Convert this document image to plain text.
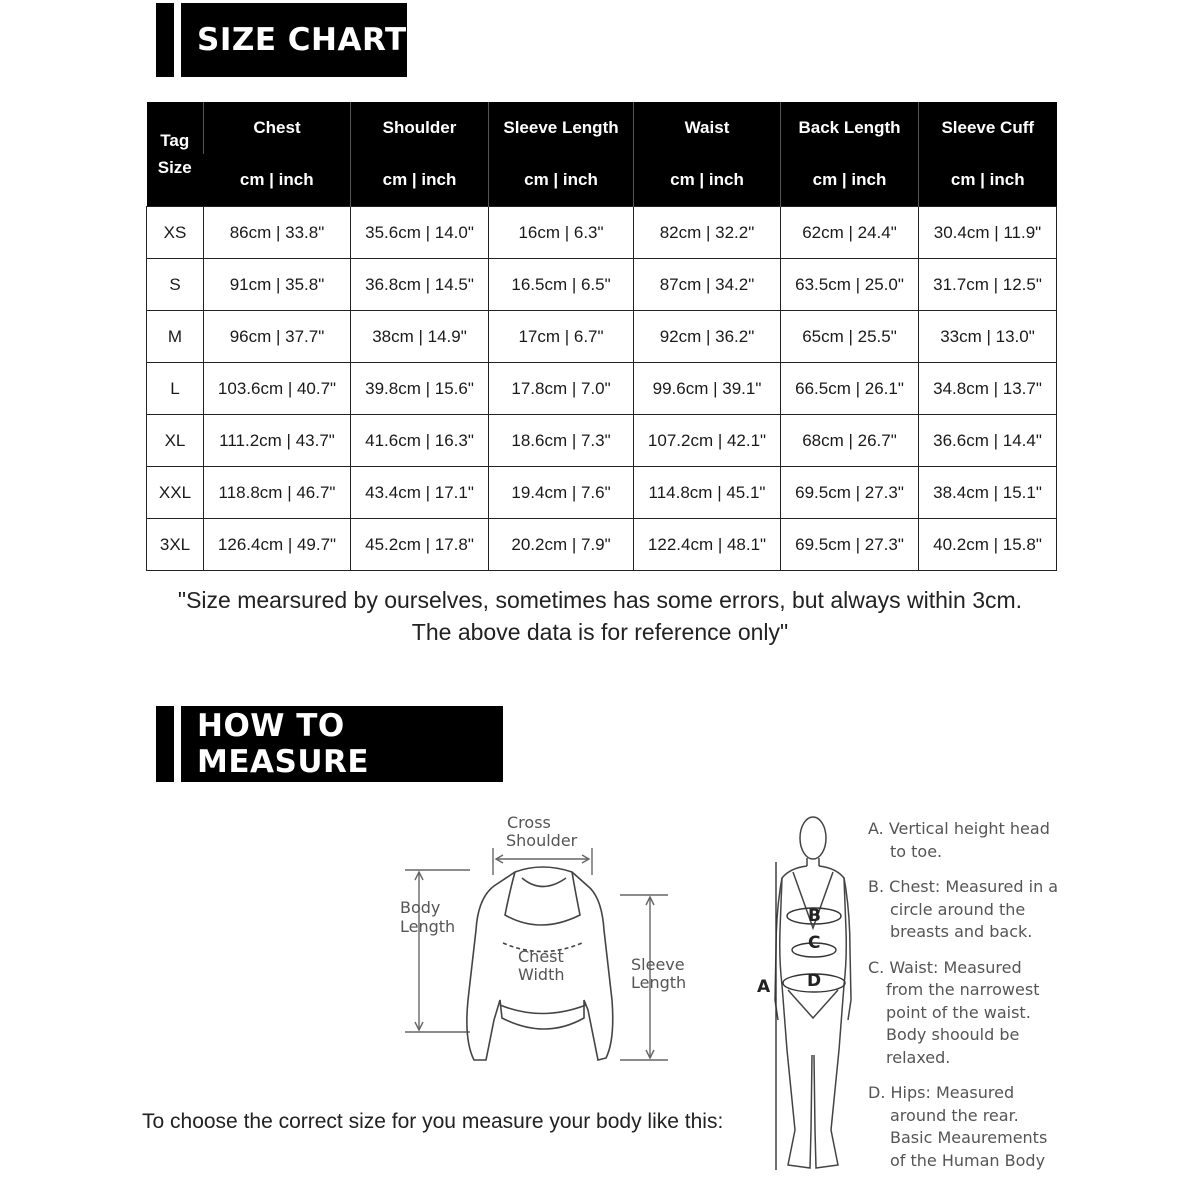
SIZE CHART
Tag
Size	Chest	Shoulder	Sleeve Length	Waist	Back Length	Sleeve Cuff
	cm | inch	cm | inch	cm | inch	cm | inch	cm | inch	cm | inch
XS	86cm | 33.8"	35.6cm | 14.0"	16cm | 6.3"	82cm | 32.2"	62cm | 24.4"	30.4cm | 11.9"
S	91cm | 35.8"	36.8cm | 14.5"	16.5cm | 6.5"	87cm | 34.2"	63.5cm | 25.0"	31.7cm | 12.5"
M	96cm | 37.7"	38cm | 14.9"	17cm | 6.7"	92cm | 36.2"	65cm | 25.5"	33cm | 13.0"
L	103.6cm | 40.7"	39.8cm | 15.6"	17.8cm | 7.0"	99.6cm | 39.1"	66.5cm | 26.1"	34.8cm | 13.7"
XL	111.2cm | 43.7"	41.6cm | 16.3"	18.6cm | 7.3"	107.2cm | 42.1"	68cm | 26.7"	36.6cm | 14.4"
XXL	118.8cm | 46.7"	43.4cm | 17.1"	19.4cm | 7.6"	114.8cm | 45.1"	69.5cm | 27.3"	38.4cm | 15.1"
3XL	126.4cm | 49.7"	45.2cm | 17.8"	20.2cm | 7.9"	122.4cm | 48.1"	69.5cm | 27.3"	40.2cm | 15.8"
"Size mearsured by ourselves, sometimes has some errors, but always within 3cm.
The above data is for reference only"
HOW TO MEASURE
Cross
Shoulder
Body
Length
Chest
Width
Sleeve
Length
B
C
D
A
A. Vertical height head
to toe.
B. Chest: Measured in a
circle around the
breasts and back.
C. Waist: Measured
from the narrowest
point of the waist.
Body shoould be
relaxed.
D. Hips: Measured
around the rear.
Basic Meaurements
of the Human Body
To choose the correct size for you measure your body like this:
